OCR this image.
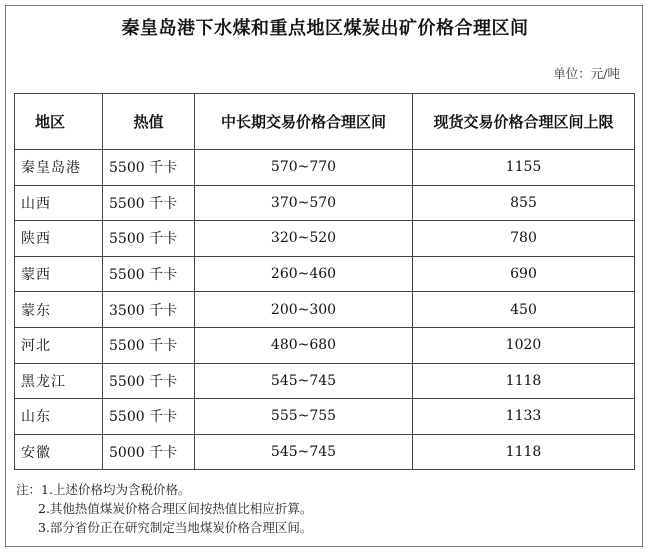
秦皇岛港下水煤和重点地区煤炭出矿价格合理区间
单位：元/吨
地区	热值	中长期交易价格合理区间	现货交易价格合理区间上限
秦皇岛港	5500 千卡	570~770	1155
山西	5500 千卡	370~570	855
陕西	5500 千卡	320~520	780
蒙西	5500 千卡	260~460	690
蒙东	3500 千卡	200~300	450
河北	5500 千卡	480~680	1020
黑龙江	5500 千卡	545~745	1118
山东	5500 千卡	555~755	1133
安徽	5000 千卡	545~745	1118
注：1.上述价格均为含税价格。
2.其他热值煤炭价格合理区间按热值比相应折算。
3.部分省份正在研究制定当地煤炭价格合理区间。
